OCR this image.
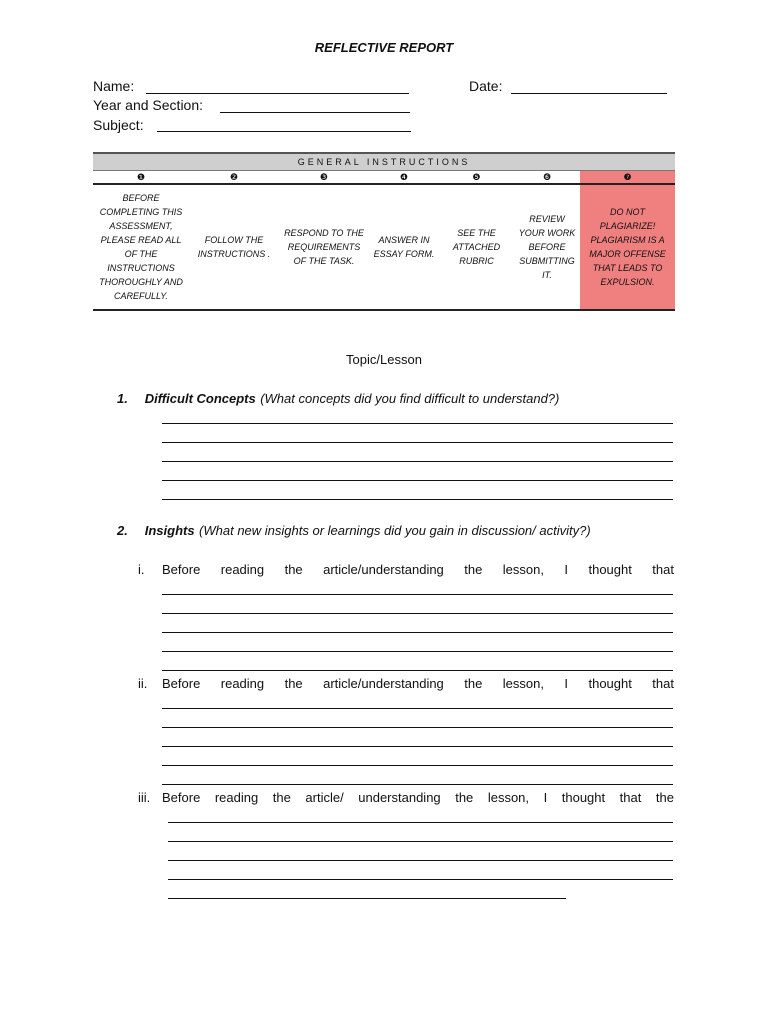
REFLECTIVE REPORT
Name:	Date:
Year and Section:
Subject:
GENERAL INSTRUCTIONS						
❶	❷	❸	❹	❺	❻	❼
BEFORE COMPLETING THIS ASSESSMENT, PLEASE READ ALL OF THE INSTRUCTIONS THOROUGHLY AND CAREFULLY.	FOLLOW THE INSTRUCTIONS .	RESPOND TO THE REQUIREMENTS OF THE TASK.	ANSWER IN ESSAY FORM.	SEE THE ATTACHED RUBRIC	REVIEW YOUR WORK BEFORE SUBMITTING IT.	DO NOT PLAGIARIZE! PLAGIARISM IS A MAJOR OFFENSE THAT LEADS TO EXPULSION.
Topic/Lesson
1. Difficult Concepts (What concepts did you find difficult to understand?)
2. Insights (What new insights or learnings did you gain in discussion/ activity?)
i. Before reading the article/understanding the lesson, I thought that
ii. Before reading the article/understanding the lesson, I thought that
iii. Before reading the article/ understanding the lesson, I thought that the
